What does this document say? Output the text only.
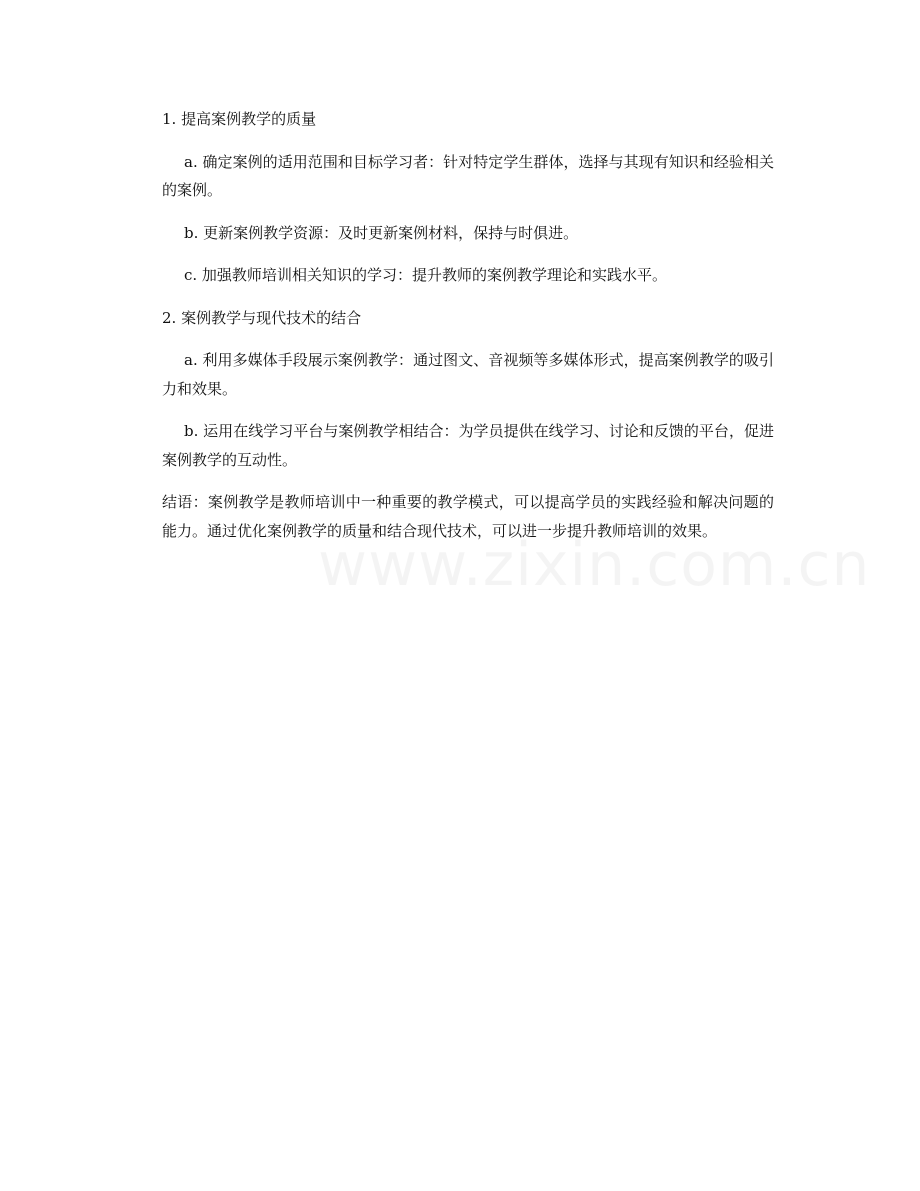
1. 提高案例教学的质量

a. 确定案例的适用范围和目标学习者：针对特定学生群体，选择与其现有知识和经验相关的案例。

b. 更新案例教学资源：及时更新案例材料，保持与时俱进。

c. 加强教师培训相关知识的学习：提升教师的案例教学理论和实践水平。

2. 案例教学与现代技术的结合

a. 利用多媒体手段展示案例教学：通过图文、音视频等多媒体形式，提高案例教学的吸引力和效果。

b. 运用在线学习平台与案例教学相结合：为学员提供在线学习、讨论和反馈的平台，促进案例教学的互动性。

结语：案例教学是教师培训中一种重要的教学模式，可以提高学员的实践经验和解决问题的能力。通过优化案例教学的质量和结合现代技术，可以进一步提升教师培训的效果。
